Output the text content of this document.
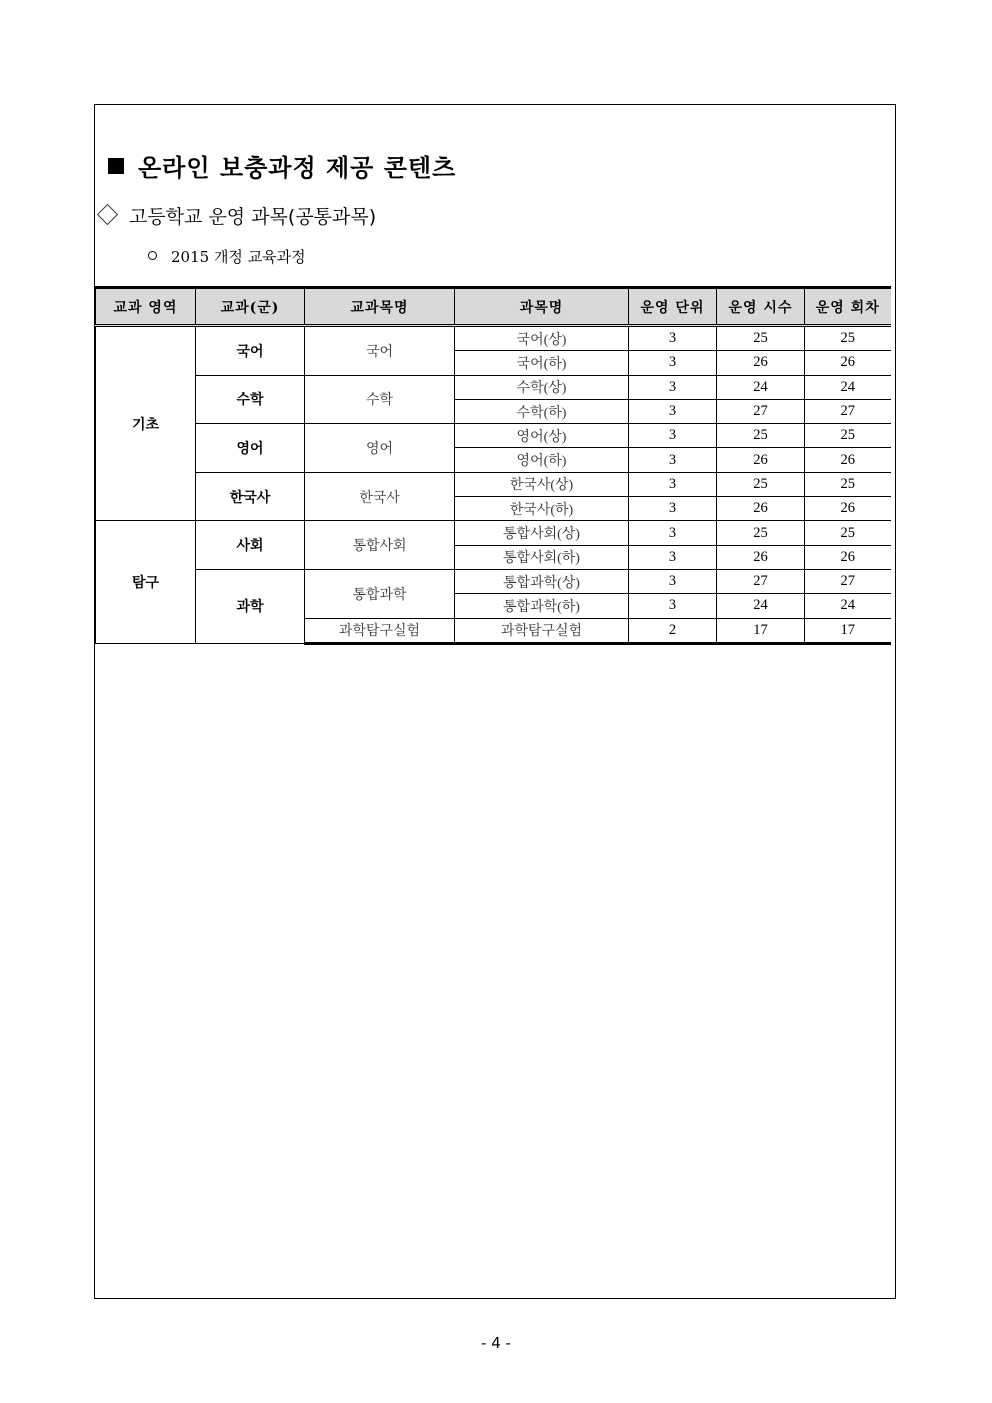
온라인 보충과정 제공 콘텐츠
고등학교 운영 과목(공통과목)
2015 개정 교육과정
교과 영역	교과(군)	교과목명	과목명	운영 단위	운영 시수	운영 회차
기초	국어	국어	국어(상)	3	25	25
			국어(하)	3	26	26
	수학	수학	수학(상)	3	24	24
			수학(하)	3	27	27
	영어	영어	영어(상)	3	25	25
			영어(하)	3	26	26
	한국사	한국사	한국사(상)	3	25	25
			한국사(하)	3	26	26
탐구	사회	통합사회	통합사회(상)	3	25	25
			통합사회(하)	3	26	26
	과학	통합과학	통합과학(상)	3	27	27
			통합과학(하)	3	24	24
		과학탐구실험	과학탐구실험	2	17	17
- 4 -
